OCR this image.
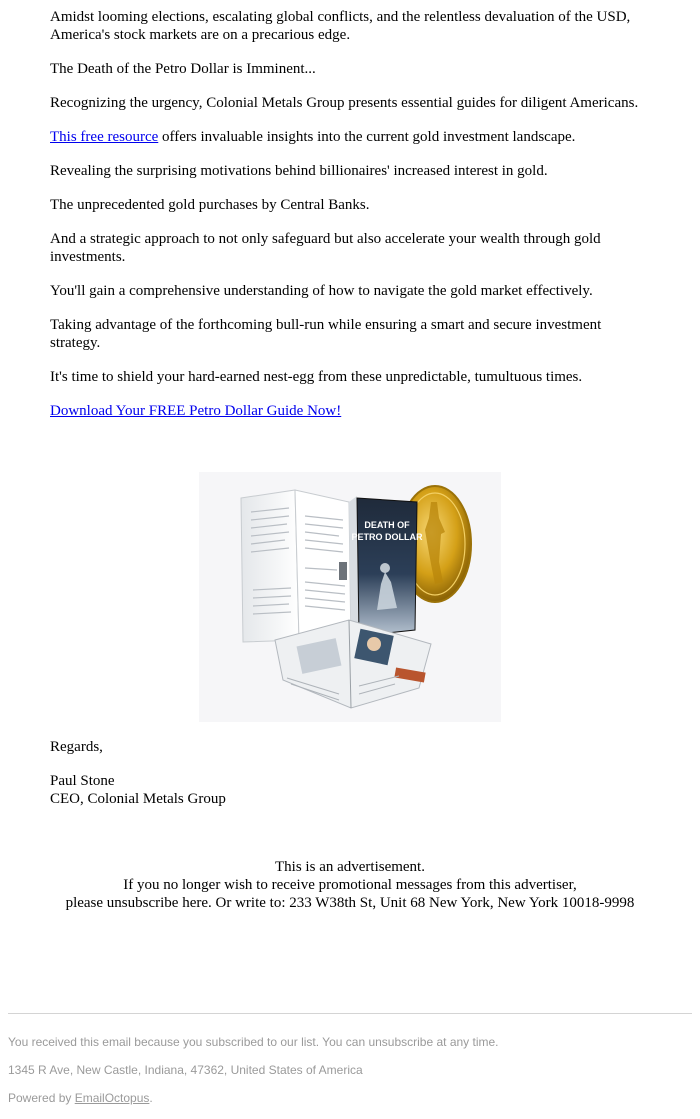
Amidst looming elections, escalating global conflicts, and the relentless devaluation of the USD,
America's stock markets are on a precarious edge.

The Death of the Petro Dollar is Imminent...

Recognizing the urgency, Colonial Metals Group presents essential guides for diligent Americans.

This free resource offers invaluable insights into the current gold investment landscape.

Revealing the surprising motivations behind billionaires' increased interest in gold.

The unprecedented gold purchases by Central Banks.

And a strategic approach to not only safeguard but also accelerate your wealth through gold investments.

You'll gain a comprehensive understanding of how to navigate the gold market effectively.

Taking advantage of the forthcoming bull-run while ensuring a smart and secure investment strategy.

It's time to shield your hard-earned nest-egg from these unpredictable, tumultuous times.

Download Your FREE Petro Dollar Guide Now!

DEATH OF
PETRO DOLLAR

Regards,

Paul Stone
CEO, Colonial Metals Group

This is an advertisement.
If you no longer wish to receive promotional messages from this advertiser,
please unsubscribe here. Or write to: 233 W38th St, Unit 68 New York, New York 10018-9998

You received this email because you subscribed to our list. You can unsubscribe at any time.

1345 R Ave, New Castle, Indiana, 47362, United States of America

Powered by EmailOctopus.
